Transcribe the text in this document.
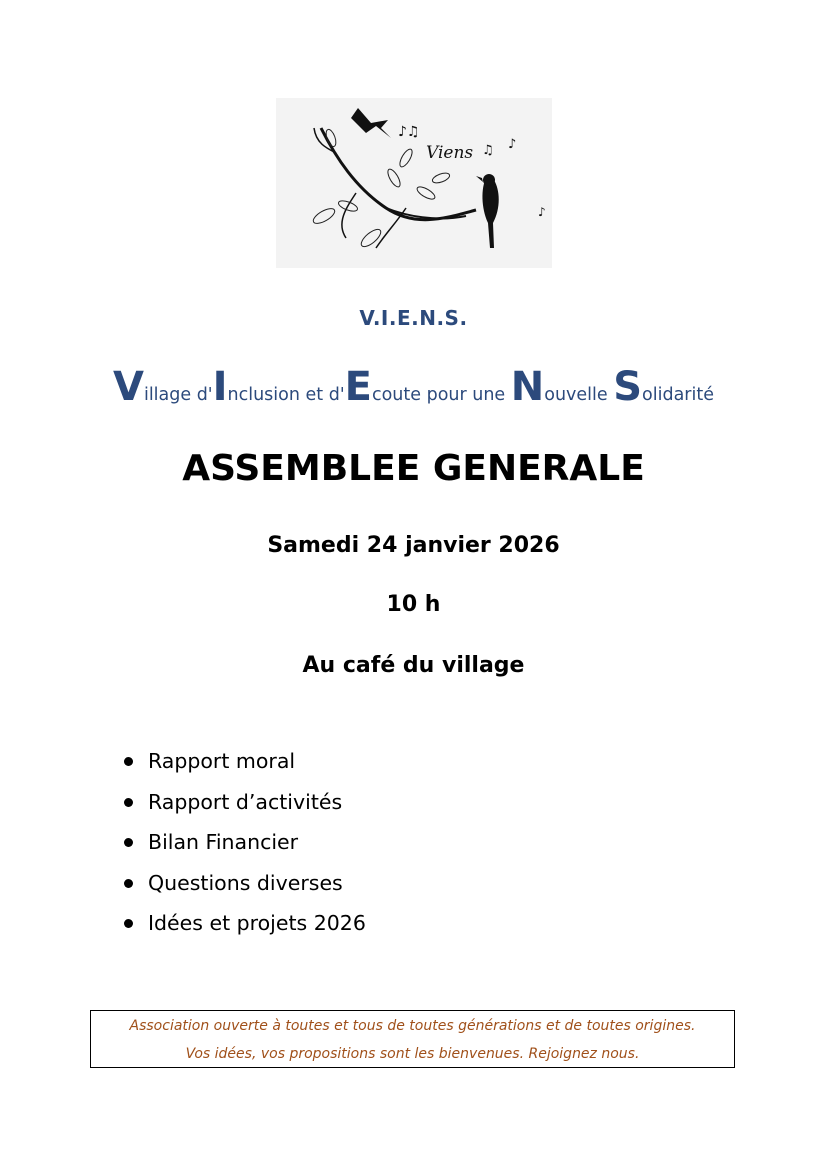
♪♫
♫ ♪
♪
Viens
V.I.E.N.S.
Village d'Inclusion et d'Ecoute pour une Nouvelle Solidarité
ASSEMBLEE GENERALE
Samedi 24 janvier 2026
10 h
Au café du village
Rapport moral
Rapport d’activités
Bilan Financier
Questions diverses
Idées et projets 2026
Association ouverte à toutes et tous de toutes générations et de toutes origines.
Vos idées, vos propositions sont les bienvenues. Rejoignez nous.
